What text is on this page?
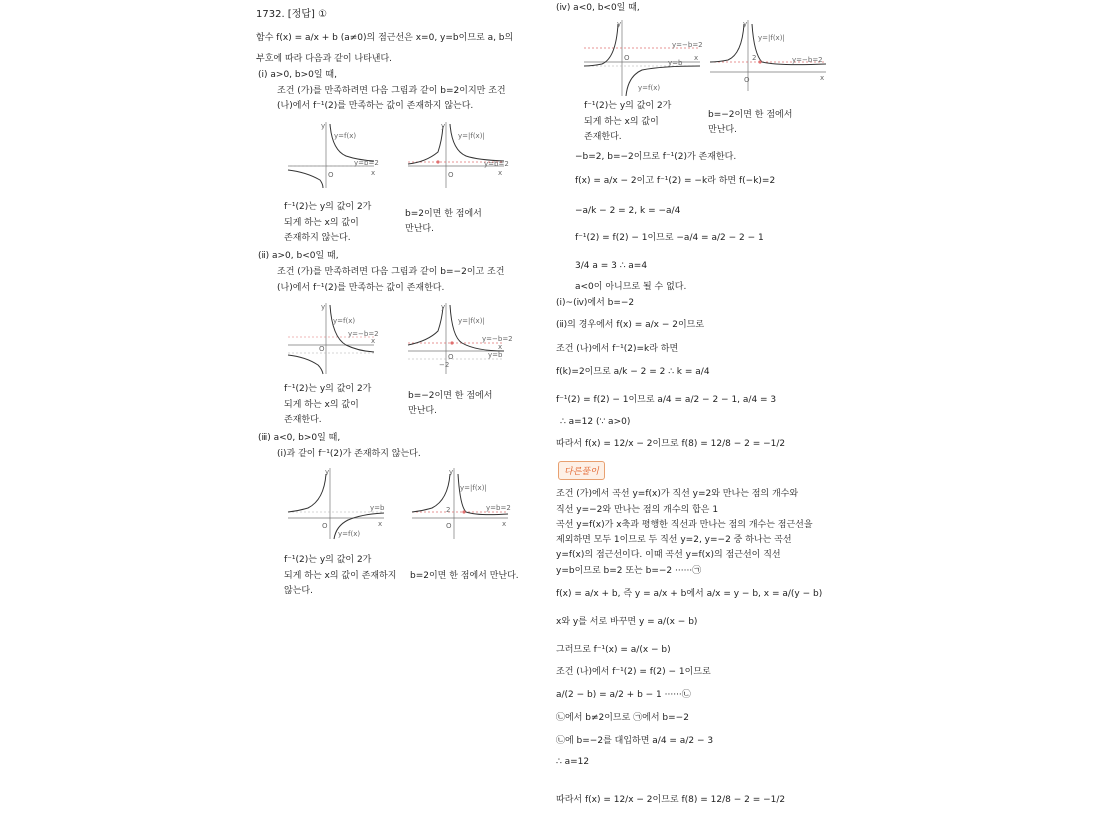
1732. [정답] ①
함수 f(x) = a/x + b (a≠0)의 점근선은 x=0, y=b이므로 a, b의
부호에 따라 다음과 같이 나타낸다.
(ⅰ) a>0, b>0일 때,
조건 (가)를 만족하려면 다음 그림과 같이 b=2이지만 조건
(나)에서 f⁻¹(2)를 만족하는 값이 존재하지 않는다.
y
x
O
y=f(x)
y=b=2
y
x
O
y=|f(x)|
y=b=2
f⁻¹(2)는 y의 값이 2가
되게 하는 x의 값이
존재하지 않는다.
b=2이면 한 점에서
만난다.
(ⅱ) a>0, b<0일 때,
조건 (가)를 만족하려면 다음 그림과 같이 b=−2이고 조건
(나)에서 f⁻¹(2)를 만족하는 값이 존재한다.
y
x
O
y=f(x)
y=−b=2
y
x
O
−2
y=|f(x)|
y=−b=2
y=b
f⁻¹(2)는 y의 값이 2가
되게 하는 x의 값이
존재한다.
b=−2이면 한 점에서
만난다.
(ⅲ) a<0, b>0일 때,
(ⅰ)과 같이 f⁻¹(2)가 존재하지 않는다.
y
x
O
y=f(x)
y=b
y
x
O
2
y=|f(x)|
y=b=2
f⁻¹(2)는 y의 값이 2가
되게 하는 x의 값이 존재하지
않는다.
b=2이면 한 점에서 만난다.
(ⅳ) a<0, b<0일 때,
y
x
O
y=−b=2
y=b
y=f(x)
y
x
O
2
y=|f(x)|
y=−b=2
f⁻¹(2)는 y의 값이 2가
되게 하는 x의 값이
존재한다.
b=−2이면 한 점에서
만난다.
−b=2, b=−2이므로 f⁻¹(2)가 존재한다.
f(x) = a/x − 2이고 f⁻¹(2) = −k라 하면 f(−k)=2
−a/k − 2 = 2, k = −a/4
f⁻¹(2) = f(2) − 1이므로 −a/4 = a/2 − 2 − 1
3/4 a = 3 ∴ a=4
a<0이 아니므로 될 수 없다.
(ⅰ)~(ⅳ)에서 b=−2
(ⅱ)의 경우에서 f(x) = a/x − 2이므로
조건 (나)에서 f⁻¹(2)=k라 하면
f(k)=2이므로 a/k − 2 = 2 ∴ k = a/4
f⁻¹(2) = f(2) − 1이므로 a/4 = a/2 − 2 − 1, a/4 = 3
∴ a=12 (∵ a>0)
따라서 f(x) = 12/x − 2이므로 f(8) = 12/8 − 2 = −1/2
다른풀이
조건 (가)에서 곡선 y=f(x)가 직선 y=2와 만나는 점의 개수와
직선 y=−2와 만나는 점의 개수의 합은 1
곡선 y=f(x)가 x축과 평행한 직선과 만나는 점의 개수는 점근선을
제외하면 모두 1이므로 두 직선 y=2, y=−2 중 하나는 곡선
y=f(x)의 점근선이다. 이때 곡선 y=f(x)의 점근선이 직선
y=b이므로 b=2 또는 b=−2 ······㉠
f(x) = a/x + b, 즉 y = a/x + b에서 a/x = y − b, x = a/(y − b)
x와 y를 서로 바꾸면 y = a/(x − b)
그러므로 f⁻¹(x) = a/(x − b)
조건 (나)에서 f⁻¹(2) = f(2) − 1이므로
a/(2 − b) = a/2 + b − 1 ······㉡
㉡에서 b≠2이므로 ㉠에서 b=−2
㉡에 b=−2를 대입하면 a/4 = a/2 − 3
∴ a=12
따라서 f(x) = 12/x − 2이므로 f(8) = 12/8 − 2 = −1/2
